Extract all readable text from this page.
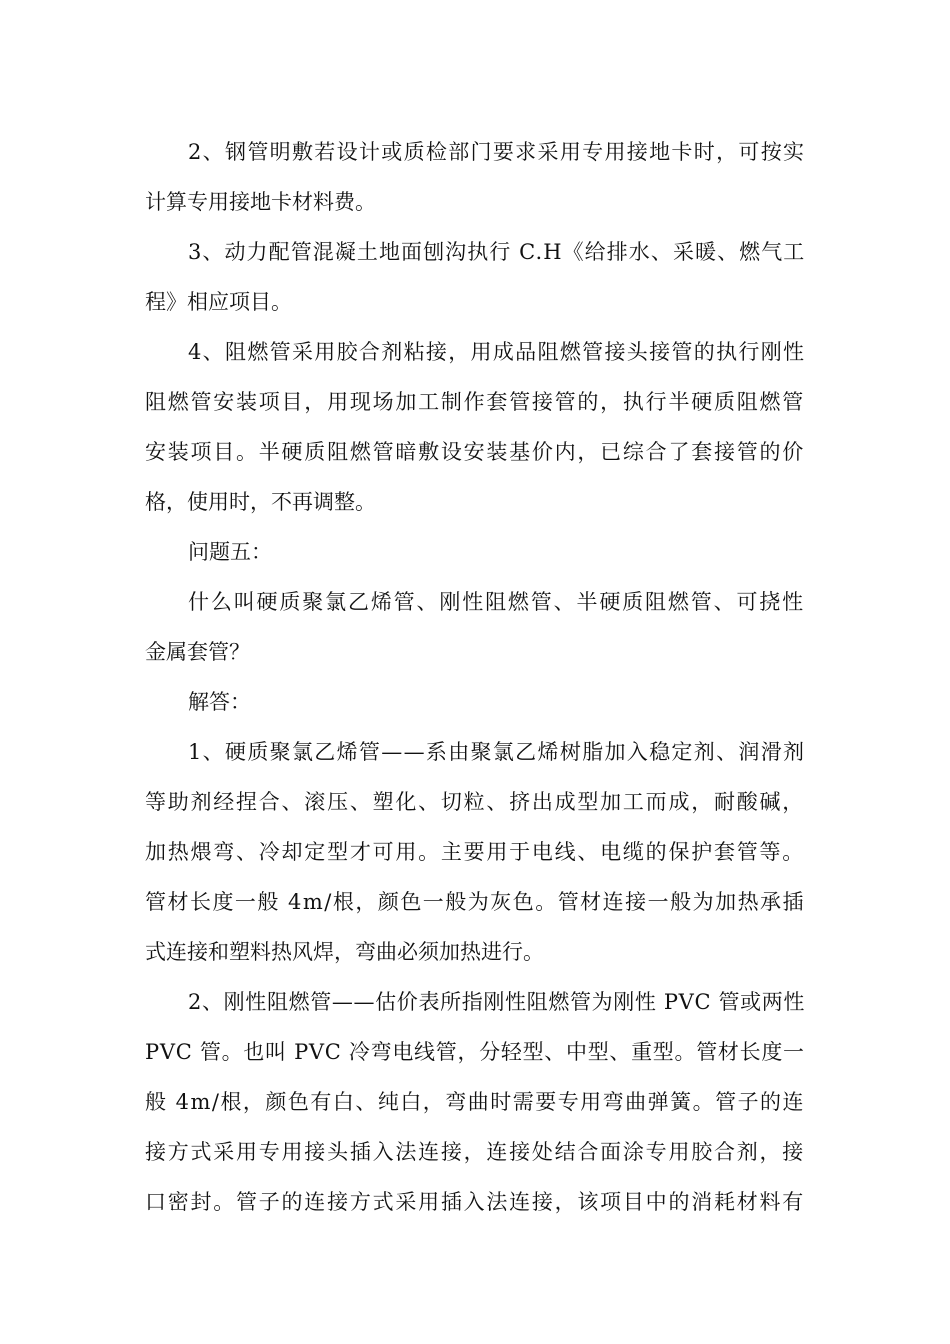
2、钢管明敷若设计或质检部门要求采用专用接地卡时，可按实
计算专用接地卡材料费。
3、动力配管混凝土地面刨沟执行 C.H《给排水、采暖、燃气工
程》相应项目。
4、阻燃管采用胶合剂粘接，用成品阻燃管接头接管的执行刚性
阻燃管安装项目，用现场加工制作套管接管的，执行半硬质阻燃管
安装项目。半硬质阻燃管暗敷设安装基价内，已综合了套接管的价
格，使用时，不再调整。
问题五：
什么叫硬质聚氯乙烯管、刚性阻燃管、半硬质阻燃管、可挠性
金属套管？
解答：
1、硬质聚氯乙烯管——系由聚氯乙烯树脂加入稳定剂、润滑剂
等助剂经捏合、滚压、塑化、切粒、挤出成型加工而成，耐酸碱，
加热煨弯、冷却定型才可用。主要用于电线、电缆的保护套管等。
管材长度一般 4m/根，颜色一般为灰色。管材连接一般为加热承插
式连接和塑料热风焊，弯曲必须加热进行。
2、刚性阻燃管——估价表所指刚性阻燃管为刚性 PVC 管或两性
PVC 管。也叫 PVC 冷弯电线管，分轻型、中型、重型。管材长度一
般 4m/根，颜色有白、纯白，弯曲时需要专用弯曲弹簧。管子的连
接方式采用专用接头插入法连接，连接处结合面涂专用胶合剂，接
口密封。管子的连接方式采用插入法连接，该项目中的消耗材料有
